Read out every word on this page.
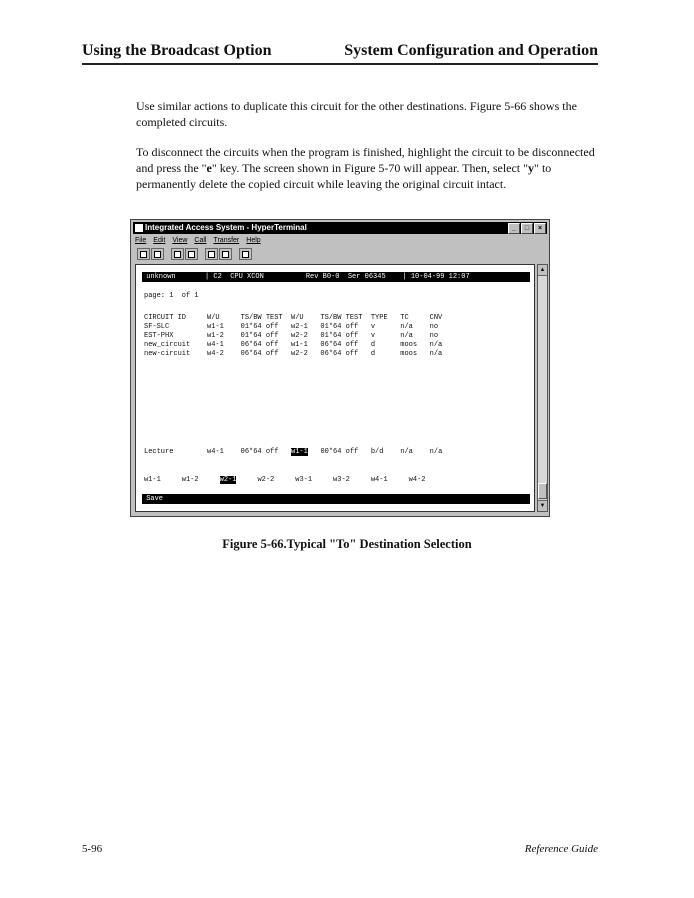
Using the Broadcast Option	System Configuration and Operation

Use similar actions to duplicate this circuit for the other destinations. Figure 5-66 shows the completed circuits.

To disconnect the circuits when the program is finished, highlight the circuit to be disconnected and press the "e" key. The screen shown in Figure 5-70 will appear. Then, select "y" to permanently delete the copied circuit while leaving the original circuit intact.

Integrated Access System - HyperTerminal	_	□	×
File Edit View Call Transfer Help
unknown       | C2  CPU XCON          Rev B0-0  Ser 06345    | 10-04-99 12:07
page: 1  of 1
CIRCUIT ID     W/U     TS/BW TEST  W/U    TS/BW TEST  TYPE   TC     CNV
SF-SLC         w1-1    01*64 off   w2-1   01*64 off   v      n/a    no
EST-PHX        w1-2    01*64 off   w2-2   01*64 off   v      n/a    no
new_circuit    w4-1    06*64 off   w1-1   06*64 off   d      moos   n/a
new-circuit    w4-2    06*64 off   w2-2   06*64 off   d      moos   n/a
Lecture        w4-1    06*64 off   w1-1   00*64 off   b/d    n/a    n/a
w1-1     w1-2     w2-1     w2-2     w3-1     w3-2     w4-1     w4-2
Save
▲
▼
Figure 5-66.Typical "To" Destination Selection
5-96	Reference Guide
